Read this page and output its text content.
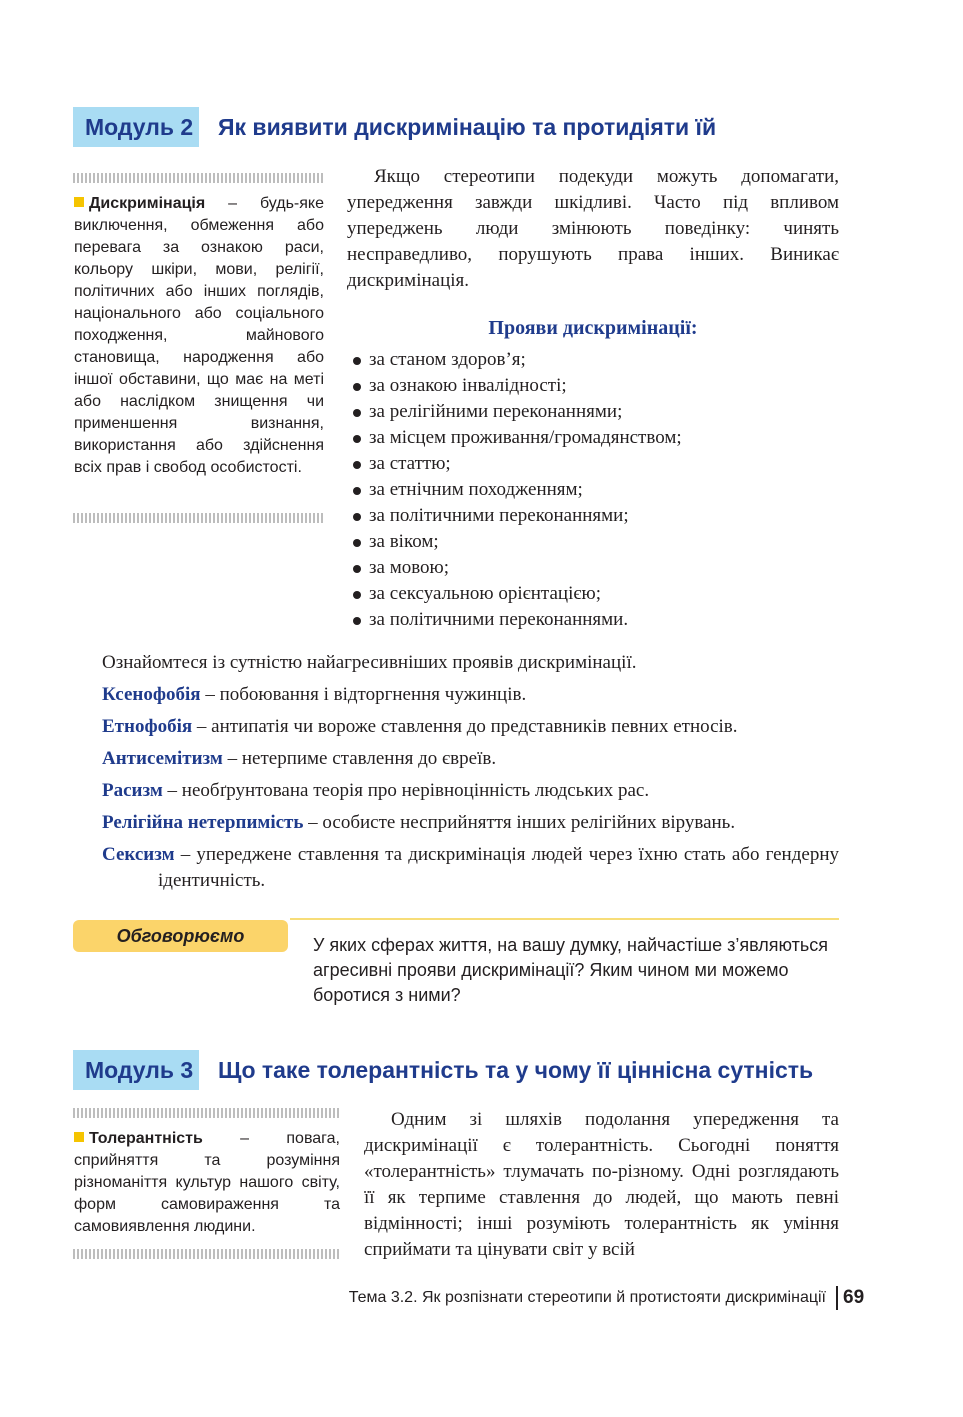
Модуль 2 Як виявити дискримінацію та протидіяти їй
Дискримінація – будь-яке виключення, обмеження або перевага за ознакою раси, кольору шкіри, мови, релігії, політичних або інших поглядів, національного або соціального походження, майнового становища, народження або іншої обставини, що має на меті або наслідком знищення чи применшення визнання, використання або здійснення всіх прав і свобод особистості.
Якщо стереотипи подекуди можуть допомагати, упередження завжди шкідливі. Часто під впливом упереджень люди змінюють поведінку: чинять несправедливо, порушують права інших. Виникає дискримінація.
Прояви дискримінації:
за станом здоров’я;
за ознакою інвалідності;
за релігійними переконаннями;
за місцем проживання/громадянством;
за статтю;
за етнічним походженням;
за політичними переконаннями;
за віком;
за мовою;
за сексуальною орієнтацією;
за політичними переконаннями.

Ознайомтеся із сутністю найагресивніших проявів дискримінації.

Ксенофобія – побоювання і відторгнення чужинців.

Етнофобія – антипатія чи вороже ставлення до представників певних етносів.

Антисемітизм – нетерпиме ставлення до євреїв.

Расизм – необґрунтована теорія про нерівноцінність людських рас.

Релігійна нетерпимість – особисте несприйняття інших релігійних вірувань.

Сексизм – упереджене ставлення та дискримінація людей через їхню стать або гендерну ідентичність.

Обговорюємо	У яких сферах життя, на вашу думку, найчастіше з’являються агресивні прояви дискримінації? Яким чином ми можемо боротися з ними?
Модуль 3 Що таке толерантність та у чому її ціннісна сутність
Толерантність – повага, сприйняття та розуміння різноманіття культур нашого світу, форм самовираження та самовиявлення людини.
Одним зі шляхів подолання упередження та дискримінації є толерантність. Сьогодні поняття «толерантність» тлумачать по-різному. Одні розглядають її як терпиме ставлення до людей, що мають певні відмінності; інші розуміють толерантність як уміння сприймати та цінувати світ у всій
Тема 3.2. Як розпізнати стереотипи й протистояти дискримінації 69
